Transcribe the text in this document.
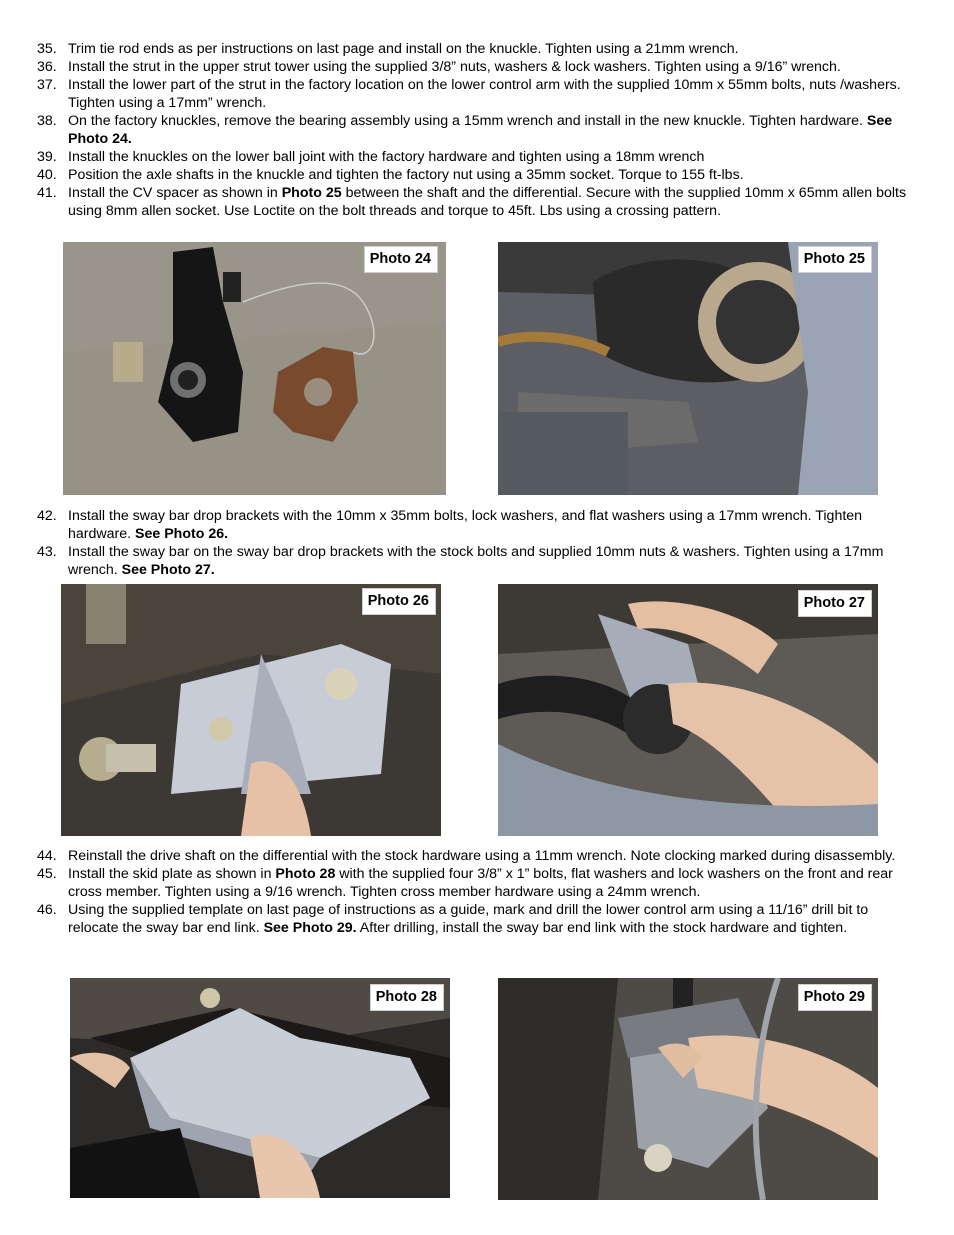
35. Trim tie rod ends as per instructions on last page and install on the knuckle. Tighten using a 21mm wrench.
36. Install the strut in the upper strut tower using the supplied 3/8” nuts, washers & lock washers. Tighten using a 9/16” wrench.
37. Install the lower part of the strut in the factory location on the lower control arm with the supplied 10mm x 55mm bolts, nuts /washers. Tighten using a 17mm” wrench.
38. On the factory knuckles, remove the bearing assembly using a 15mm wrench and install in the new knuckle. Tighten hardware. See Photo 24.
39. Install the knuckles on the lower ball joint with the factory hardware and tighten using a 18mm wrench
40. Position the axle shafts in the knuckle and tighten the factory nut using a 35mm socket. Torque to 155 ft-lbs.
41. Install the CV spacer as shown in Photo 25 between the shaft and the differential. Secure with the supplied 10mm x 65mm allen bolts using 8mm allen socket. Use Loctite on the bolt threads and torque to 45ft. Lbs using a crossing pattern.
Photo 24	Photo 25
42. Install the sway bar drop brackets with the 10mm x 35mm bolts, lock washers, and flat washers using a 17mm wrench. Tighten hardware. See Photo 26.
43. Install the sway bar on the sway bar drop brackets with the stock bolts and supplied 10mm nuts & washers. Tighten using a 17mm wrench. See Photo 27.
Photo 26	Photo 27
44. Reinstall the drive shaft on the differential with the stock hardware using a 11mm wrench. Note clocking marked during disassembly.
45. Install the skid plate as shown in Photo 28 with the supplied four 3/8” x 1” bolts, flat washers and lock washers on the front and rear cross member. Tighten using a 9/16 wrench. Tighten cross member hardware using a 24mm wrench.
46. Using the supplied template on last page of instructions as a guide, mark and drill the lower control arm using a 11/16” drill bit to relocate the sway bar end link. See Photo 29. After drilling, install the sway bar end link with the stock hardware and tighten.
Photo 28	Photo 29
